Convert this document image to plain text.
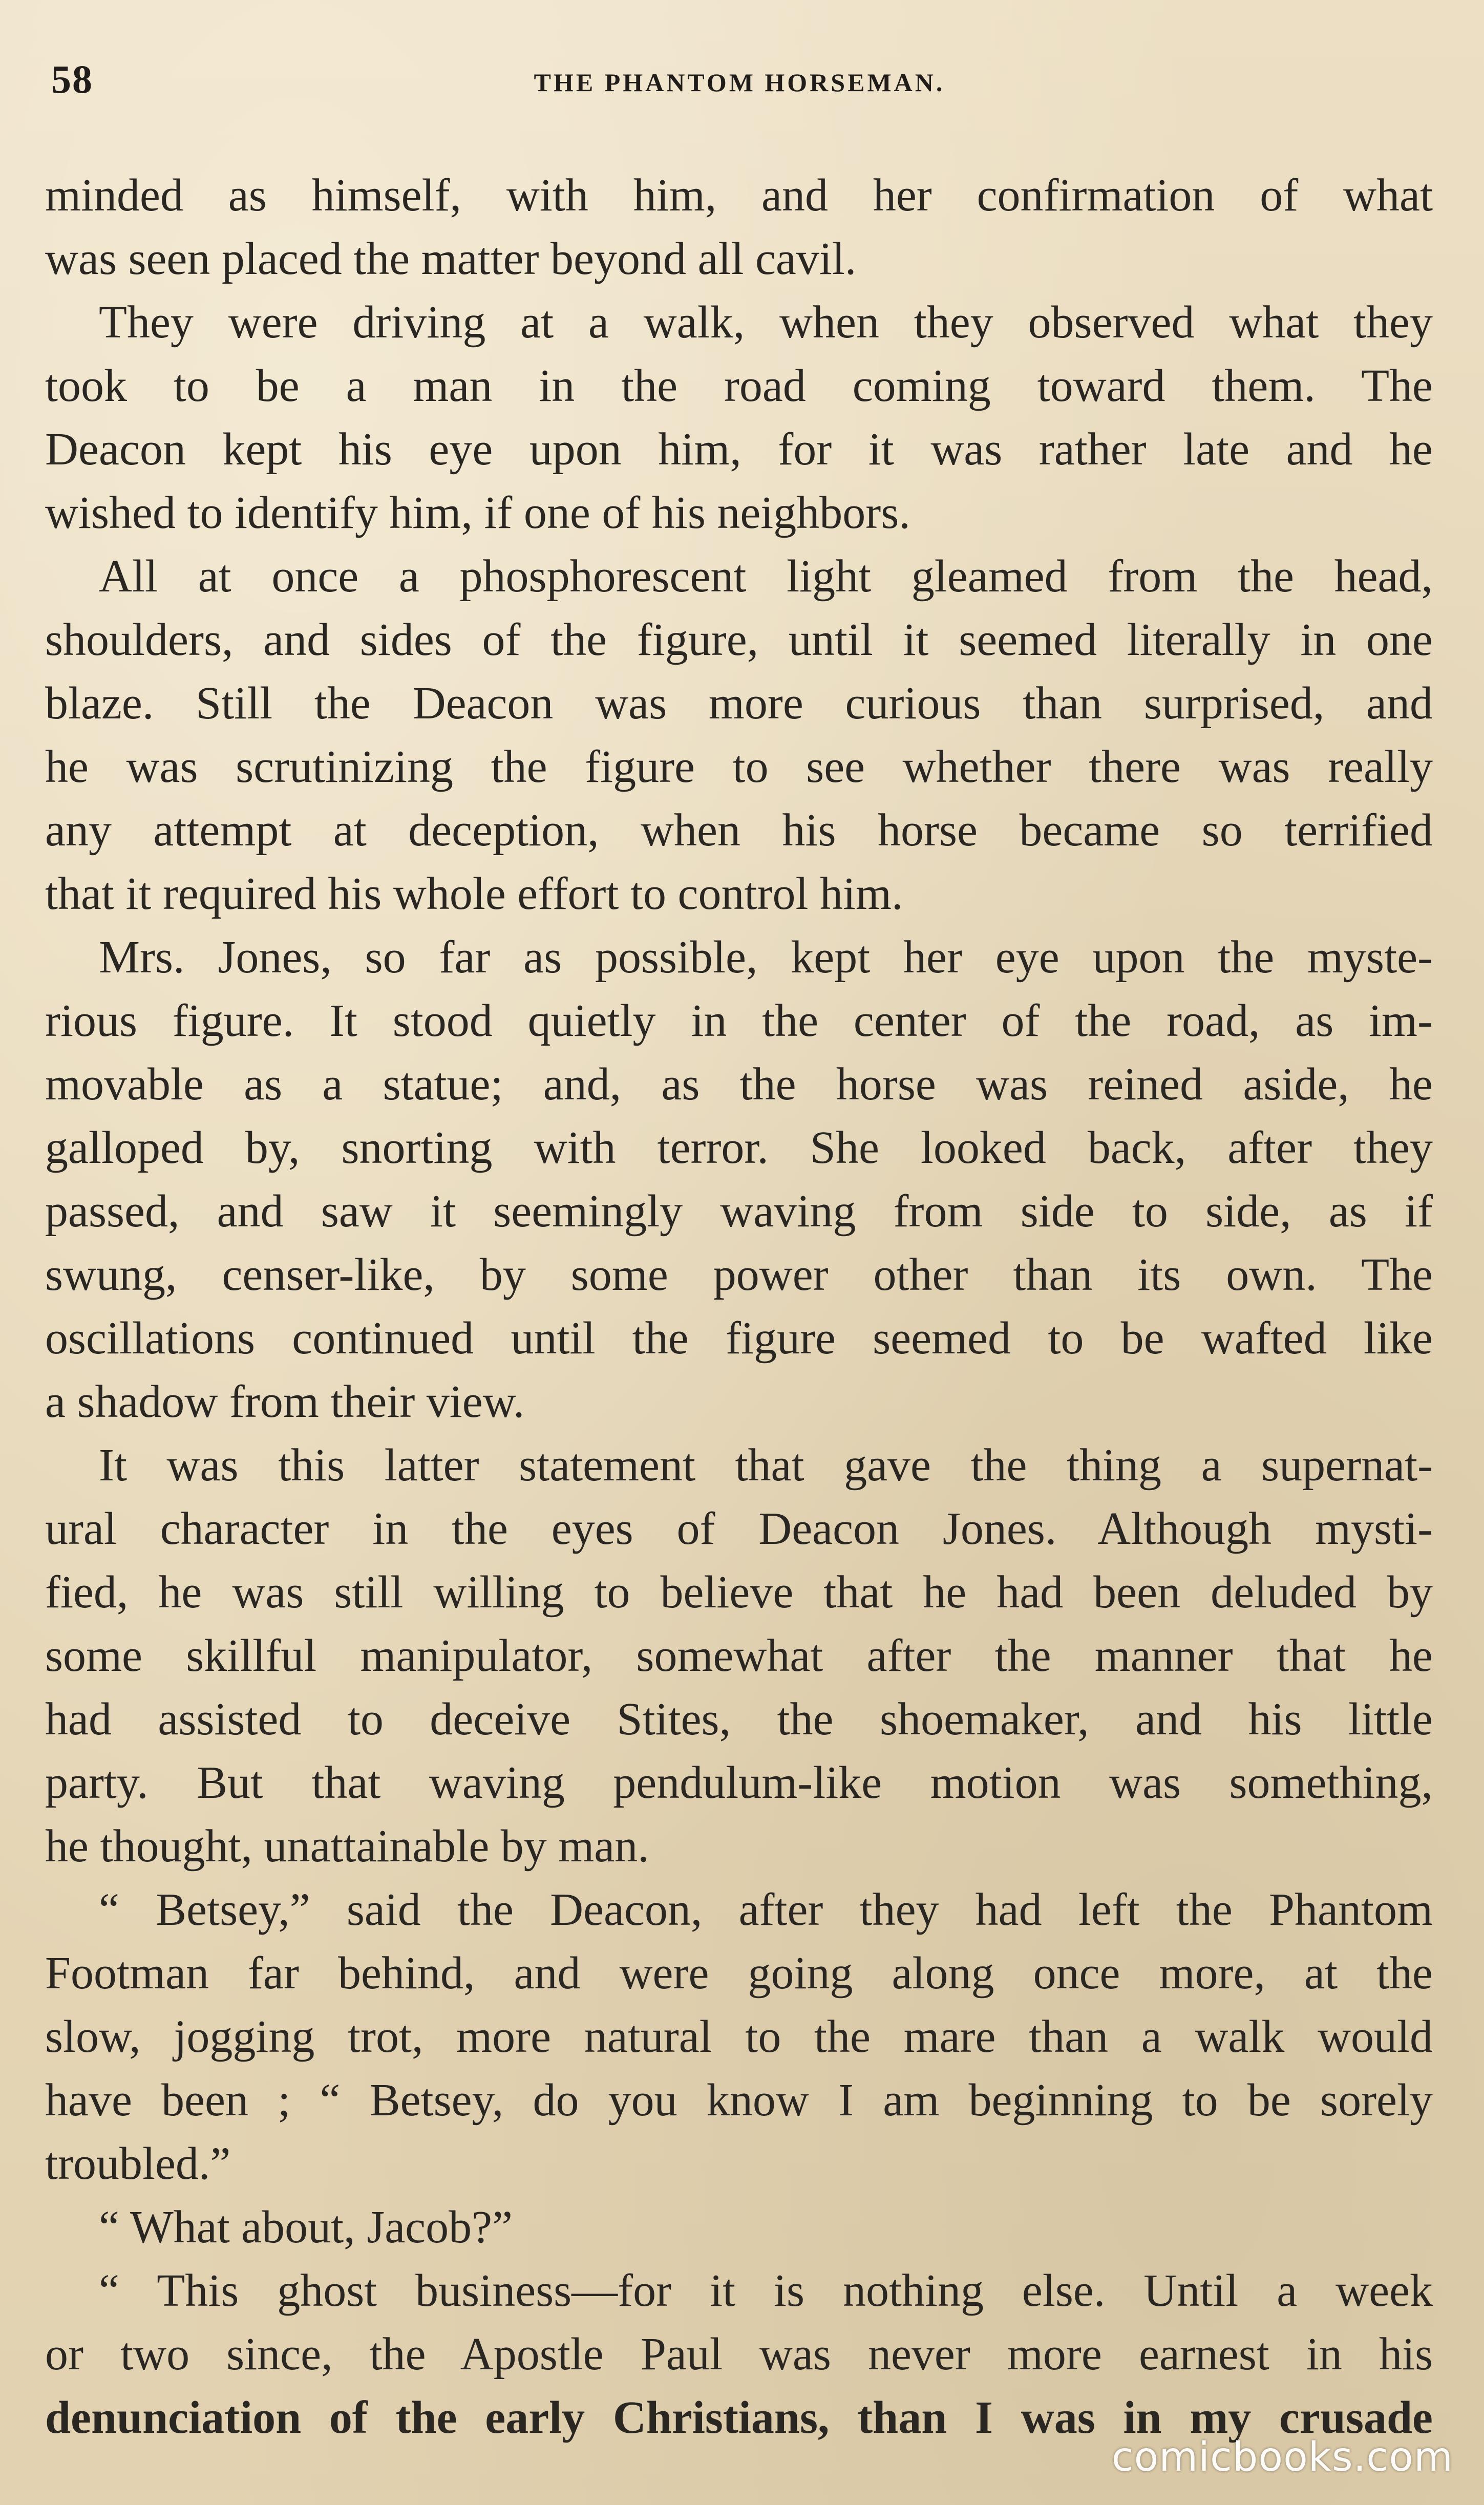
58	THE PHANTOM HORSEMAN.
minded as himself, with him, and her confirmation of what
was seen placed the matter beyond all cavil.
They were driving at a walk, when they observed what they
took to be a man in the road coming toward them. The
Deacon kept his eye upon him, for it was rather late and he
wished to identify him, if one of his neighbors.
All at once a phosphorescent light gleamed from the head,
shoulders, and sides of the figure, until it seemed literally in one
blaze. Still the Deacon was more curious than surprised, and
he was scrutinizing the figure to see whether there was really
any attempt at deception, when his horse became so terrified
that it required his whole effort to control him.
Mrs. Jones, so far as possible, kept her eye upon the myste-
rious figure. It stood quietly in the center of the road, as im-
movable as a statue; and, as the horse was reined aside, he
galloped by, snorting with terror. She looked back, after they
passed, and saw it seemingly waving from side to side, as if
swung, censer-like, by some power other than its own. The
oscillations continued until the figure seemed to be wafted like
a shadow from their view.
It was this latter statement that gave the thing a supernat-
ural character in the eyes of Deacon Jones. Although mysti-
fied, he was still willing to believe that he had been deluded by
some skillful manipulator, somewhat after the manner that he
had assisted to deceive Stites, the shoemaker, and his little
party. But that waving pendulum-like motion was something,
he thought, unattainable by man.
“ Betsey,” said the Deacon, after they had left the Phantom
Footman far behind, and were going along once more, at the
slow, jogging trot, more natural to the mare than a walk would
have been ; “ Betsey, do you know I am beginning to be sorely
troubled.”
“ What about, Jacob?”
“ This ghost business—for it is nothing else. Until a week
or two since, the Apostle Paul was never more earnest in his
denunciation of the early Christians, than I was in my crusade
comicbooks.com
